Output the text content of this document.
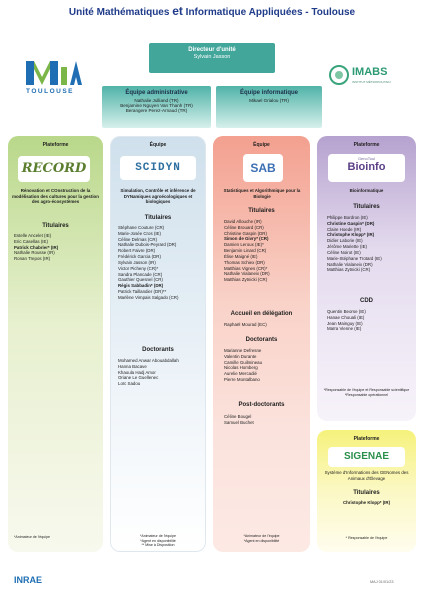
Unité Mathématiques et Informatique Appliquées - Toulouse
TOULOUSE
IMABS
INSTITUT MÉTROPOLITAIN
Directeur d'unité
Sylvain Jasson
Équipe administrative
Nathalie Julliand (TR)
Benjamine Nguyen Van Thanh (TR)
Berangere Perez-Arnaud (TR)
Équipe informatique
Mikael Grialou (TR)
Plateforme
RECORD
Rénovation et COnstruction de la modélisation des cultures pour la gestion des agro-écosystèmes
Titulaires
Estelle Ancelet (IE)
Eric Casellas (IE)
Patrick Chabrier* (IR)
Nathalie Rousse (IR)
Ronan Trepos (IR)
*Animateur de l'équipe
Équipe
SCIDYN
Simulation, Contrôle et inférence de DYNamiques agroécologiques et biologiques
Titulaires
Stéphane Couture (CR)
Marie-Josée Cros (IE)
Céline Delmas (CR)
Nathalie Dubois-Peyrard (DR)
Robert Faivre (DR)
Frédérick Garcia (DR)
Sylvain Jasson (IR)
Victor Picheny (CR)*
Sandra Plancade (CR)
Gauthier Quesnel (CR)
Régis Sabbadin* (DR)
Patrick Taillandier (DR)**
Marlène Vimpais Salgado (CR)
Doctorants
Mohamed Anwar Abouabdallah
Hanna Bacave
Khaoula Hadj Amor
Oriane Le Guellenec
Loïc Sadou
*Animateur de l'équipe
*Agent en disponibilité
** Mise à Disposition
Équipe
SAB
Statistiques et Algorithmique pour la Biologie
Titulaires
David Allouche (IR)
Céline Brouard (CR)
Christine Gaspin (DR)
Simon de Givry* (CR)
Damien Leroux (IE)*
Benjamin Linard (CR)
Élise Maigné (IE)
Thomas Schiex (DR)
Matthias Vignes (CR)*
Nathalie Vialaneix (DR)
Matthias Zytnicki (CR)
Accueil en délégation
Raphaël Mourad (EC)
Doctorants
Marianne Defresne
Valentin Durante
Camille Guilmineau
Nicolas Homberg
Aurelie Mercadié
Pierre Montalbano
Post-doctorants
Céline Bougel
Samuel Buchet
*Animateur de l'équipe
*Agent en disponibilité
Plateforme
GenoToul
Bioinfo
Bioinformatique
Titulaires
Philippe Bordron (IE)
Christine Gaspin* (DR)
Claire Hoede (IR)
Christophe Klopp* (IR)
Didier Laborie (IE)
Jérôme Mariette (IE)
Céline Noirot (IE)
Marie-Stéphane Trotard (IE)
Nathalie Vialaneix (DR)
Matthias Zytnicki (CR)
CDD
Quentin Beorse (IE)
Hanae Chouali (IE)
Jean Mainguy (IE)
Maïra Vienne (IE)
*Responsable de l'équipe et Responsable scientifique
*Responsable opérationnel
Plateforme
SIGENAE
Système d'Informations des GENomes des Animaux d'Élevage
Titulaires
Christophe Klopp* (IR)
* Responsable de l'équipe
INRAE	MAJ 01/01/23
